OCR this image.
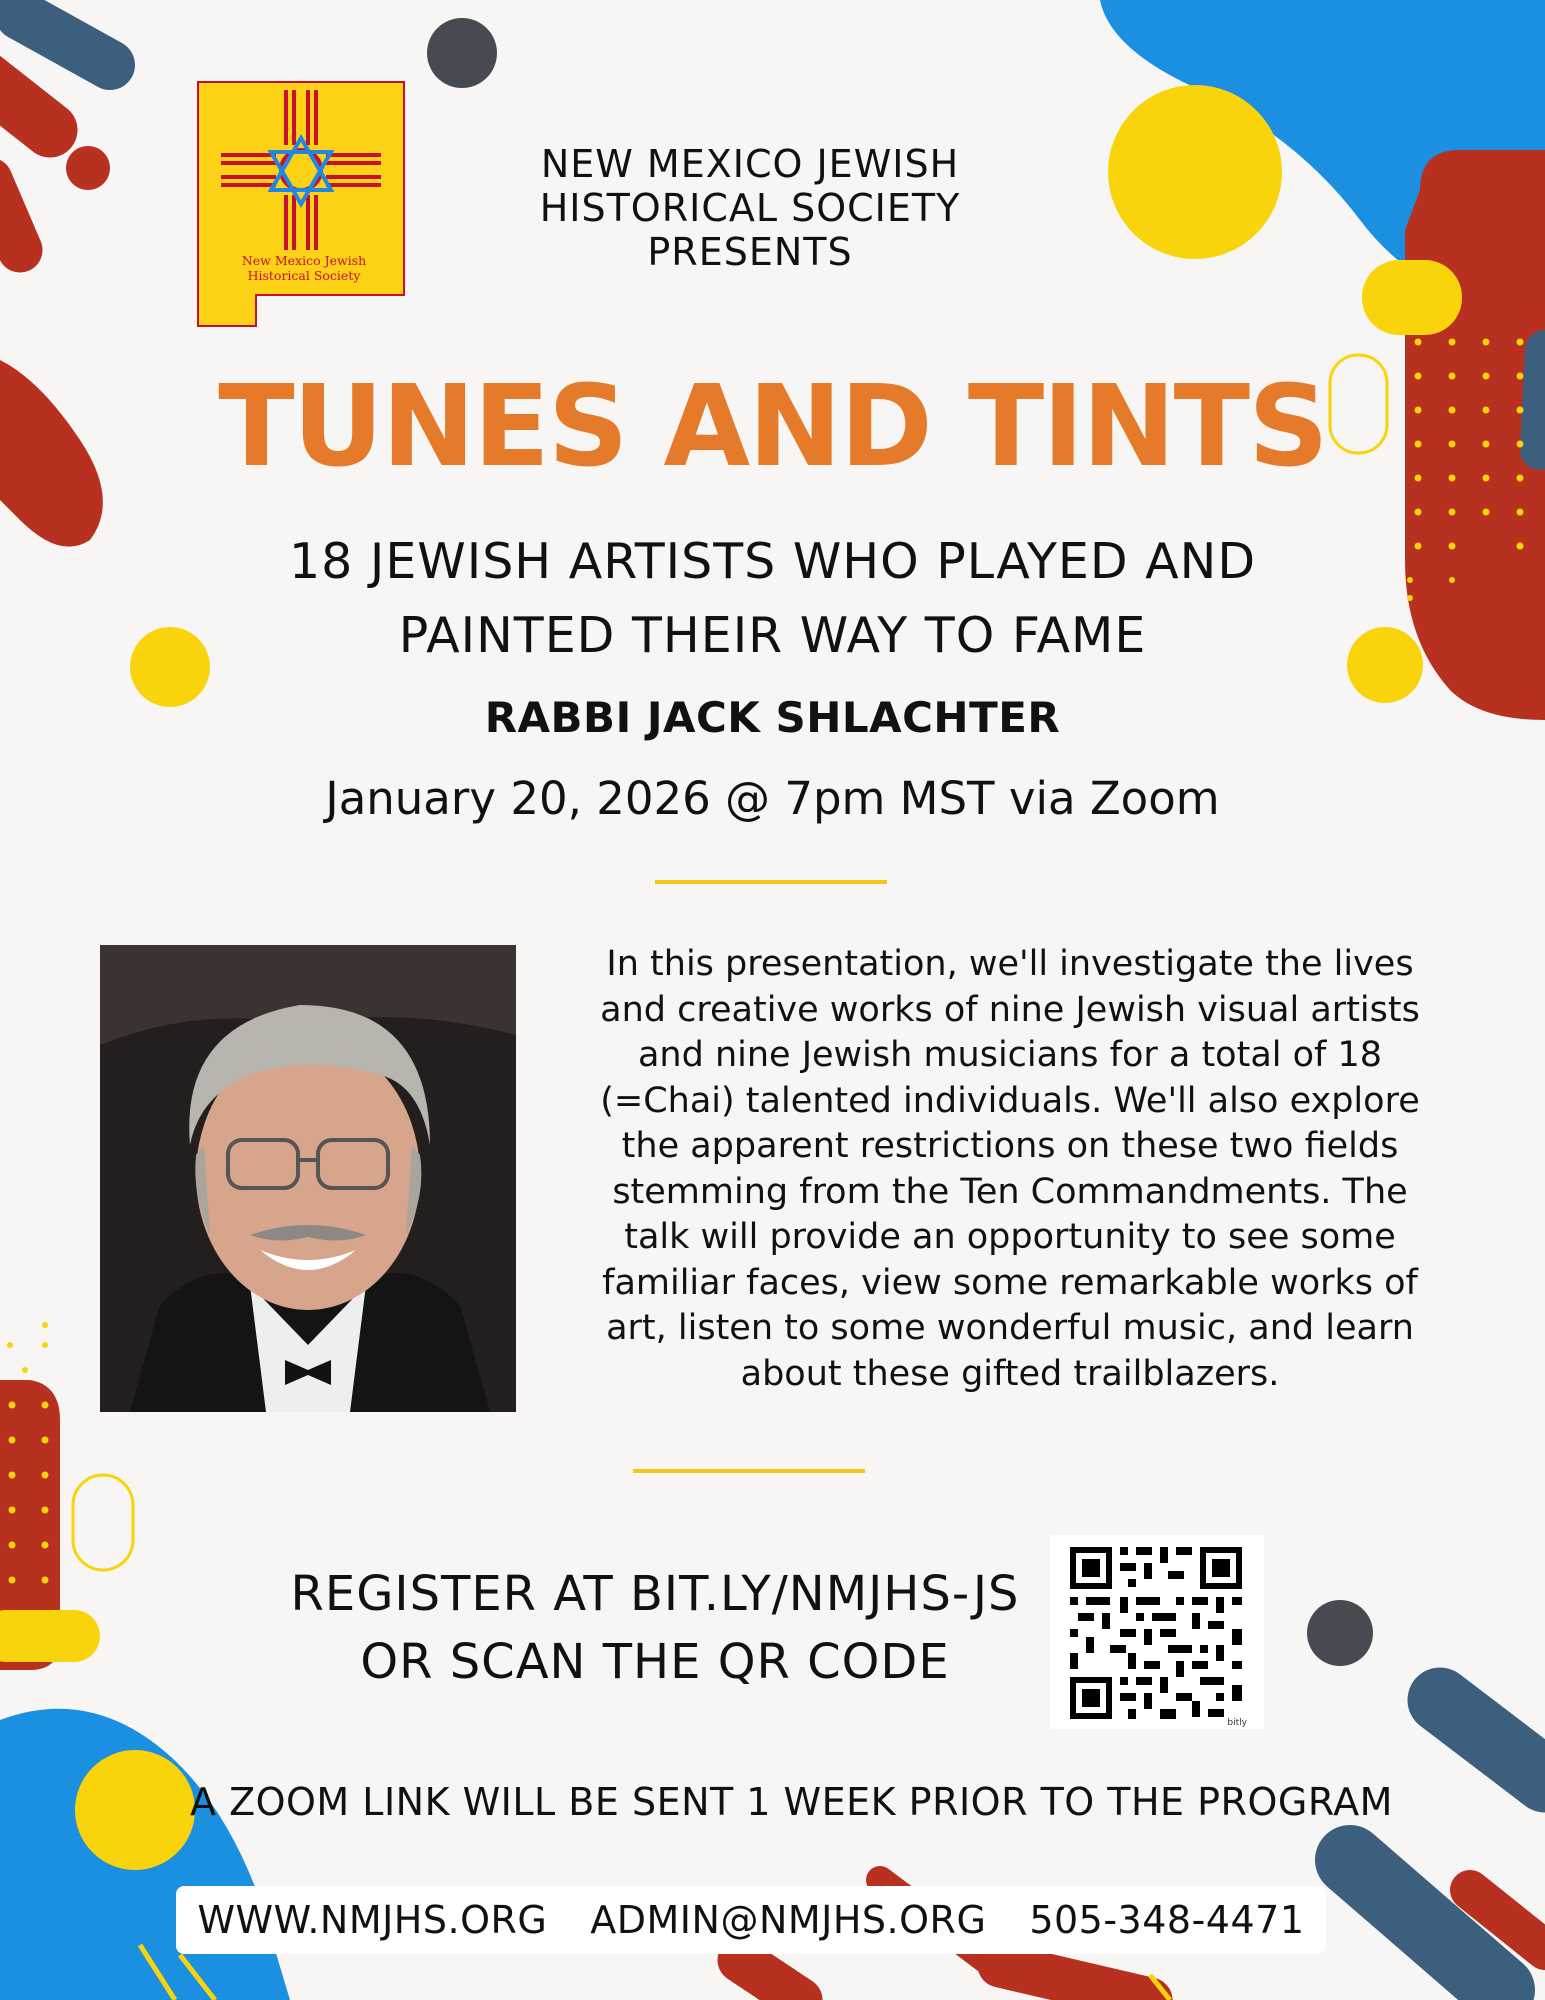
New Mexico Jewish
Historical Society
NEW MEXICO JEWISH
HISTORICAL SOCIETY
PRESENTS
TUNES AND TINTS
18 JEWISH ARTISTS WHO PLAYED AND
PAINTED THEIR WAY TO FAME
RABBI JACK SHLACHTER
January 20, 2026 @ 7pm MST via Zoom
In this presentation, we'll investigate the lives
and creative works of nine Jewish visual artists
and nine Jewish musicians for a total of 18
(=Chai) talented individuals. We'll also explore
the apparent restrictions on these two fields
stemming from the Ten Commandments. The
talk will provide an opportunity to see some
familiar faces, view some remarkable works of
art, listen to some wonderful music, and learn
about these gifted trailblazers.
REGISTER AT BIT.LY/NMJHS-JS
OR SCAN THE QR CODE
bitly
A ZOOM LINK WILL BE SENT 1 WEEK PRIOR TO THE PROGRAM
WWW.NMJHS.ORG ADMIN@NMJHS.ORG 505-348-4471
